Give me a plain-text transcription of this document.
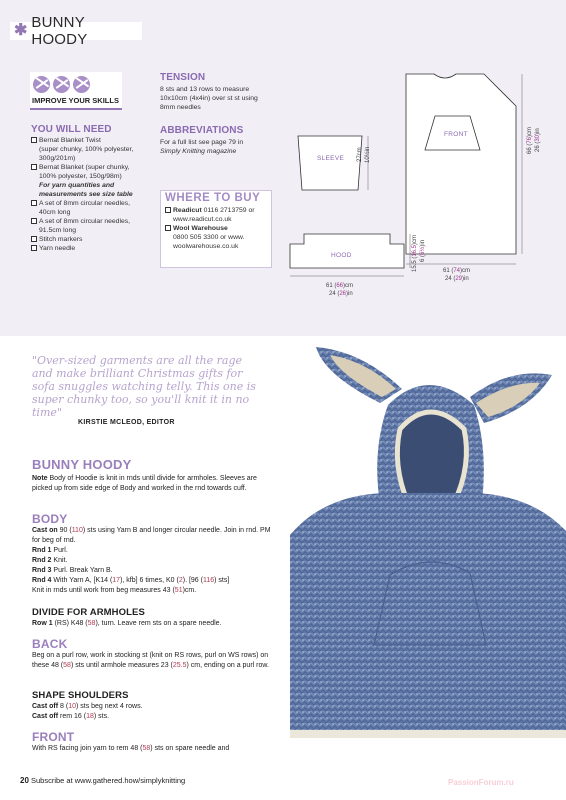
✱ BUNNY HOODY
IMPROVE YOUR SKILLS
YOU WILL NEED
Bernat Blanket Twist
(super chunky, 100% polyester,
300g/201m)
Bernat Blanket (super chunky,
100% polyester, 150g/98m)
For yarn quantities and
measurements see size table
A set of 8mm circular needles,
40cm long
A set of 8mm circular needles,
91.5cm long
Stitch markers
Yarn needle
TENSION
8 sts and 13 rows to measure
10x10cm (4x4in) over st st using
8mm needles
ABBREVIATIONS
For a full list see page 79 in
Simply Knitting magazine
WHERE TO BUY
Readicut 0116 2713759 or
www.readicut.co.uk
Wool Warehouse
0800 505 3300 or www.
woolwarehouse.co.uk
SLEEVE
FRONT
HOOD
27cm 10½in
61 (74)cm
24 (29)in
66 (76)cm
26 (30)in
15.5 (16.5)cm
6 (6½)in
61 (66)cm
24 (26)in
"Over-sized garments are all the rage and make brilliant Christmas gifts for sofa snuggles watching telly. This one is super chunky too, so you'll knit it in no time"
KIRSTIE MCLEOD, EDITOR
BUNNY HOODY
Note Body of Hoodie is knit in rnds until divide for armholes. Sleeves are picked up from side edge of Body and worked in the rnd towards cuff.
BODY
Cast on 90 (110) sts using Yarn B and longer circular needle. Join in rnd. PM for beg of rnd.
Rnd 1 Purl.
Rnd 2 Knit.
Rnd 3 Purl. Break Yarn B.
Rnd 4 With Yarn A, [K14 (17), kfb] 6 times, K0 (2). [96 (116) sts]
Knit in rnds until work from beg measures 43 (51)cm.
DIVIDE FOR ARMHOLES
Row 1 (RS) K48 (58), turn. Leave rem sts on a spare needle.
BACK
Beg on a purl row, work in stocking st (knit on RS rows, purl on WS rows) on these 48 (58) sts until armhole measures 23 (25.5) cm, ending on a purl row.
SHAPE SHOULDERS
Cast off 8 (10) sts beg next 4 rows.
Cast off rem 16 (18) sts.
FRONT
With RS facing join yarn to rem 48 (58) sts on spare needle and
20 Subscribe at www.gathered.how/simplyknitting	PassionForum.ru
